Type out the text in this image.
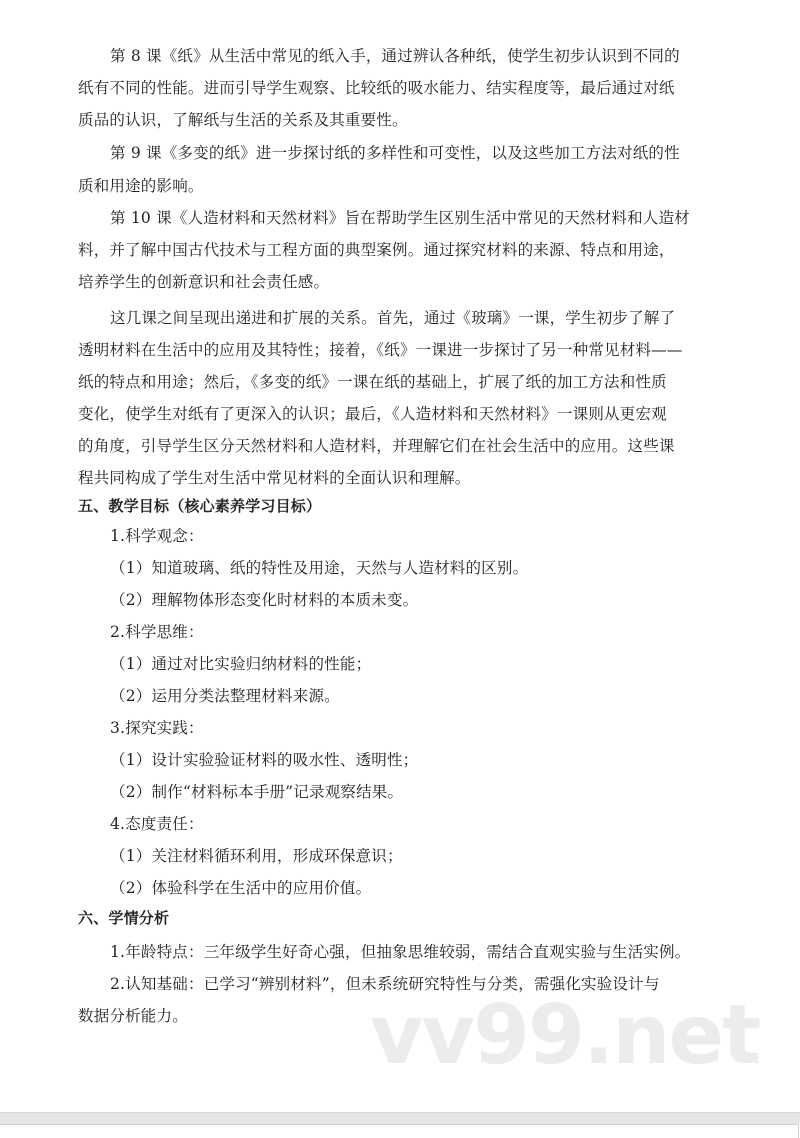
第 8 课《纸》从生活中常见的纸入手，通过辨认各种纸，使学生初步认识到不同的
纸有不同的性能。进而引导学生观察、比较纸的吸水能力、结实程度等，最后通过对纸
质品的认识，了解纸与生活的关系及其重要性。
第 9 课《多变的纸》进一步探讨纸的多样性和可变性，以及这些加工方法对纸的性
质和用途的影响。
第 10 课《人造材料和天然材料》旨在帮助学生区别生活中常见的天然材料和人造材
料，并了解中国古代技术与工程方面的典型案例。通过探究材料的来源、特点和用途，
培养学生的创新意识和社会责任感。
这几课之间呈现出递进和扩展的关系。首先，通过《玻璃》一课，学生初步了解了
透明材料在生活中的应用及其特性；接着，《纸》一课进一步探讨了另一种常见材料——
纸的特点和用途；然后，《多变的纸》一课在纸的基础上，扩展了纸的加工方法和性质
变化，使学生对纸有了更深入的认识；最后，《人造材料和天然材料》一课则从更宏观
的角度，引导学生区分天然材料和人造材料，并理解它们在社会生活中的应用。这些课
程共同构成了学生对生活中常见材料的全面认识和理解。
五、教学目标（核心素养学习目标）
1.科学观念：
（1）知道玻璃、纸的特性及用途，天然与人造材料的区别。
（2）理解物体形态变化时材料的本质未变。
2.科学思维：
（1）通过对比实验归纳材料的性能；
（2）运用分类法整理材料来源。
3.探究实践：
（1）设计实验验证材料的吸水性、透明性；
（2）制作“材料标本手册”记录观察结果。
4.态度责任：
（1）关注材料循环利用，形成环保意识；
（2）体验科学在生活中的应用价值。
六、学情分析
1.年龄特点：三年级学生好奇心强，但抽象思维较弱，需结合直观实验与生活实例。
2.认知基础：已学习“辨别材料”，但未系统研究特性与分类，需强化实验设计与
数据分析能力。 vv99.net
